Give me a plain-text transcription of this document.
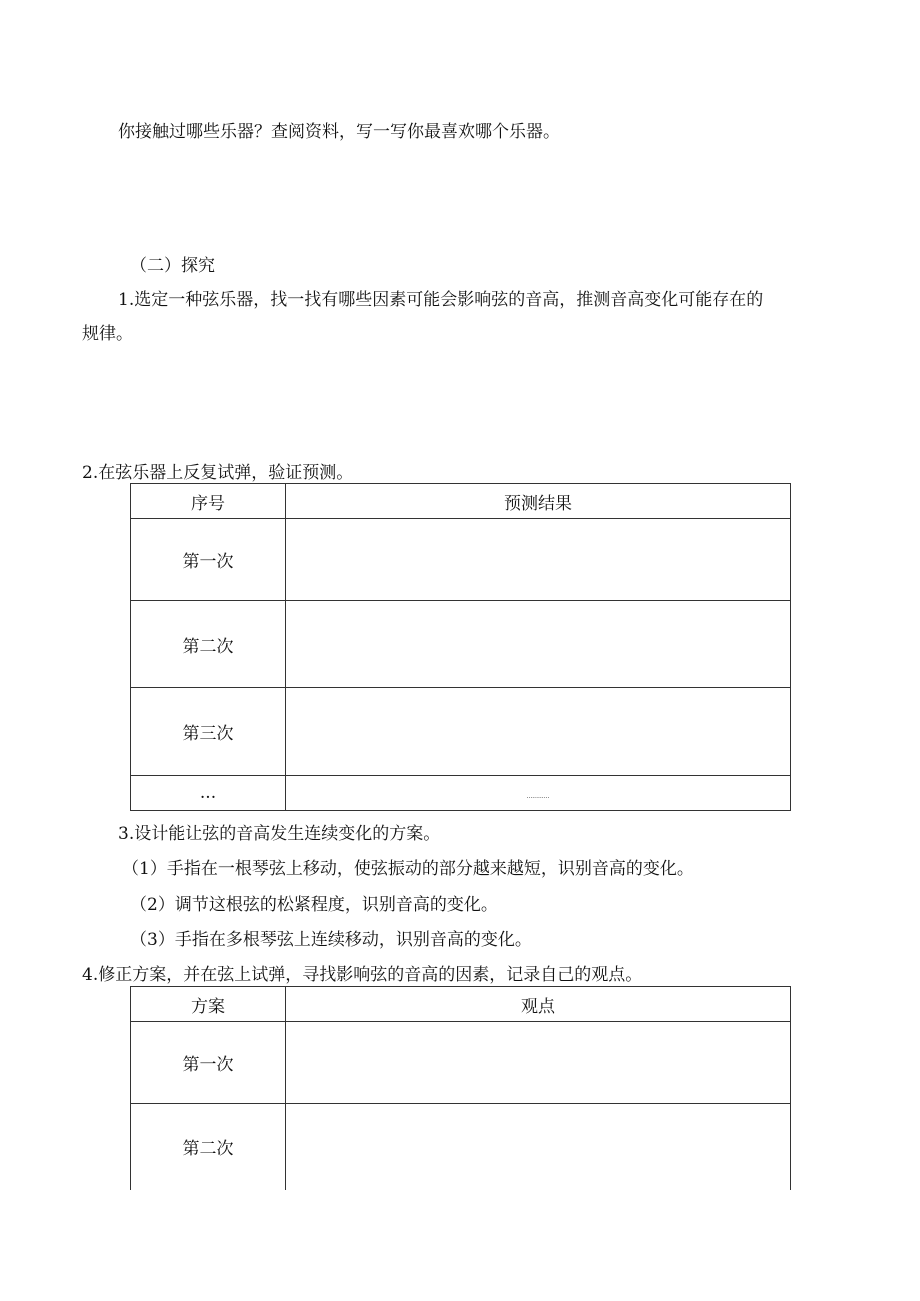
你接触过哪些乐器？查阅资料，写一写你最喜欢哪个乐器。
（二）探究
1.选定一种弦乐器，找一找有哪些因素可能会影响弦的音高，推测音高变化可能存在的
规律。
2.在弦乐器上反复试弹，验证预测。
序号	预测结果
第一次	
第二次	
第三次	
...	............
3.设计能让弦的音高发生连续变化的方案。
（1）手指在一根琴弦上移动，使弦振动的部分越来越短，识别音高的变化。
（2）调节这根弦的松紧程度，识别音高的变化。
（3）手指在多根琴弦上连续移动，识别音高的变化。
4.修正方案，并在弦上试弹，寻找影响弦的音高的因素，记录自己的观点。
方案	观点
第一次	
第二次	
